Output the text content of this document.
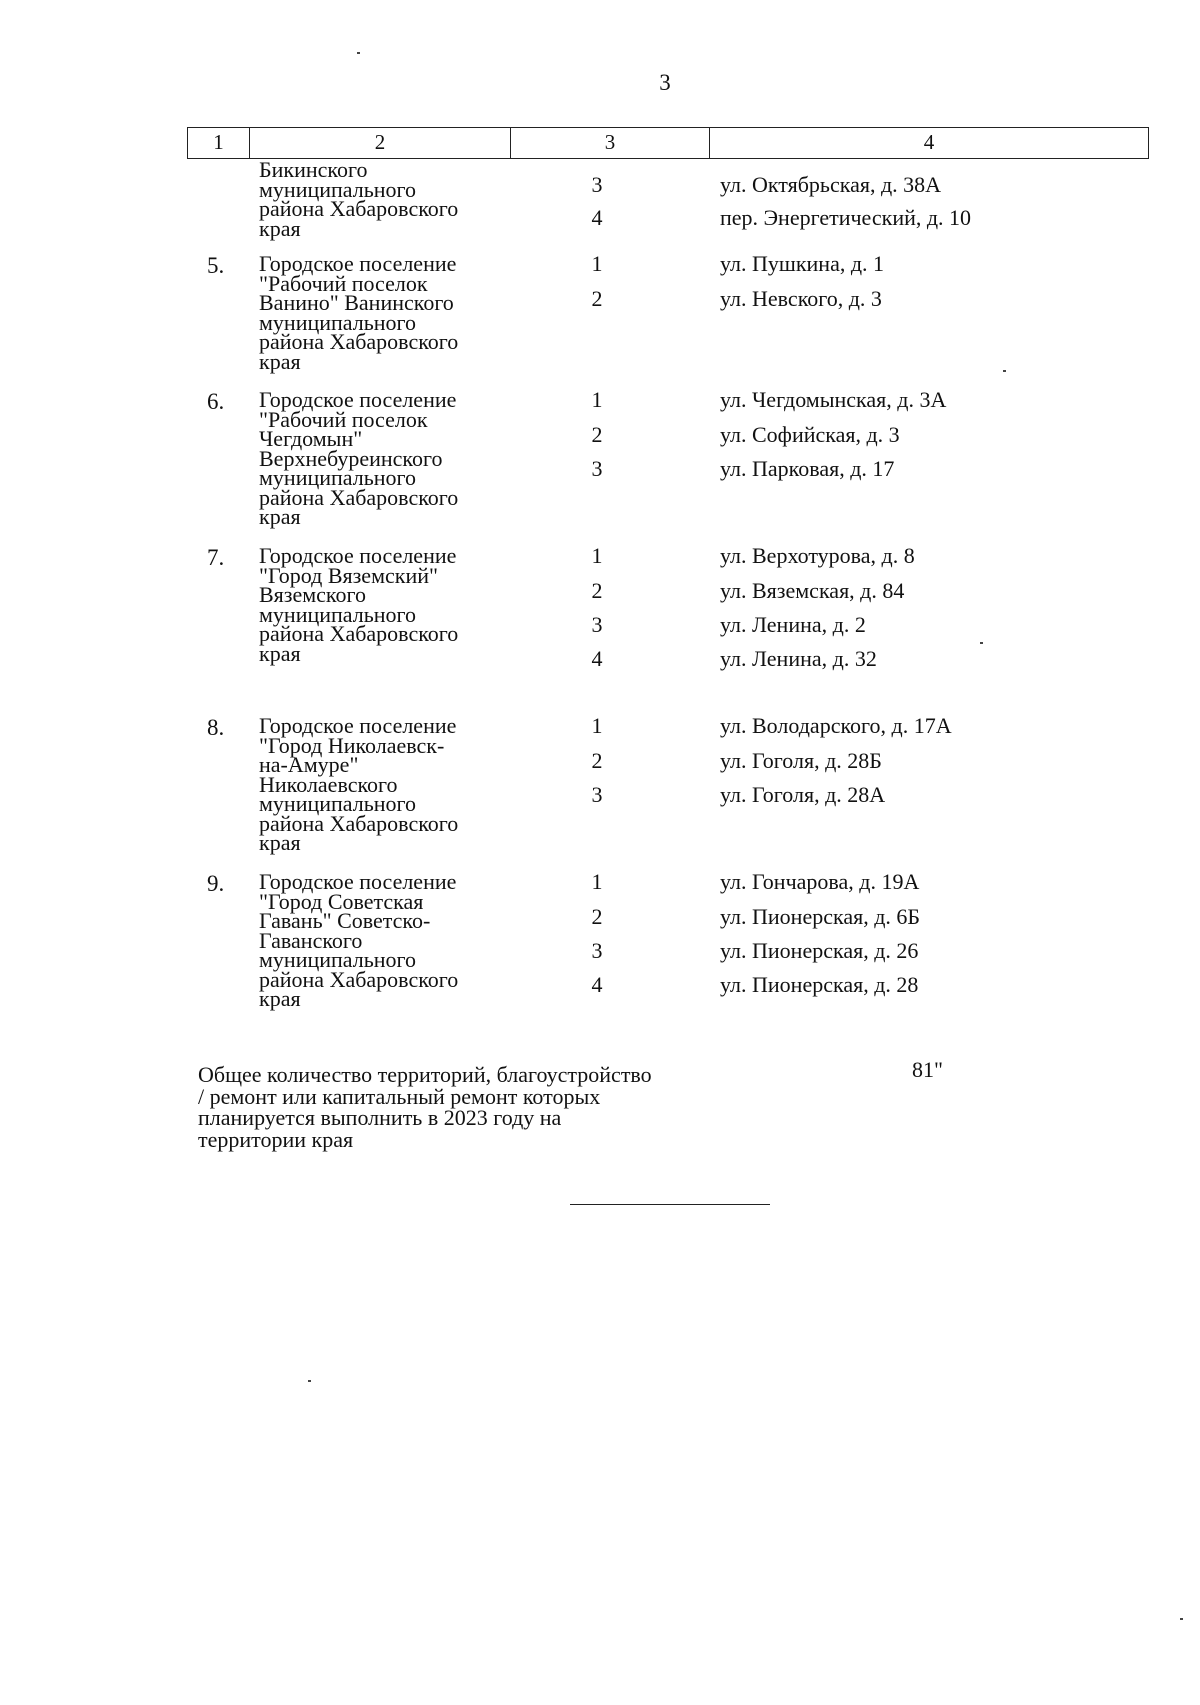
3
1	2	3	4
Бикинского
муниципального
района Хабаровского
края
3	ул. Октябрьская, д. 38А
4	пер. Энергетический, д. 10
5. Городское поселение
"Рабочий поселок
Ванино" Ванинского
муниципального
района Хабаровского
края
1	ул. Пушкина, д. 1
2	ул. Невского, д. 3
6. Городское поселение
"Рабочий поселок
Чегдомын"
Верхнебуреинского
муниципального
района Хабаровского
края
1	ул. Чегдомынская, д. 3А
2	ул. Софийская, д. 3
3	ул. Парковая, д. 17
7. Городское поселение
"Город Вяземский"
Вяземского
муниципального
района Хабаровского
края
1	ул. Верхотурова, д. 8
2	ул. Вяземская, д. 84
3	ул. Ленина, д. 2
4	ул. Ленина, д. 32
8. Городское поселение
"Город Николаевск-
на-Амуре"
Николаевского
муниципального
района Хабаровского
края
1	ул. Володарского, д. 17А
2	ул. Гоголя, д. 28Б
3	ул. Гоголя, д. 28А
9. Городское поселение
"Город Советская
Гавань" Советско-
Гаванского
муниципального
района Хабаровского
края
1	ул. Гончарова, д. 19А
2	ул. Пионерская, д. 6Б
3	ул. Пионерская, д. 26
4	ул. Пионерская, д. 28
Общее количество территорий, благоустройство
/ ремонт или капитальный ремонт которых
планируется выполнить в 2023 году на
территории края
81"
